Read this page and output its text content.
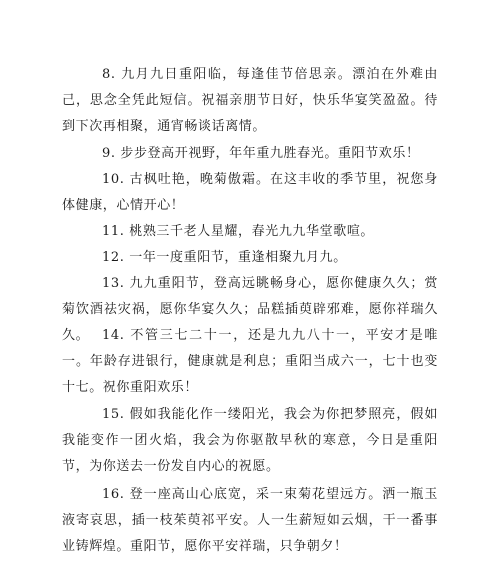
8. 九月九日重阳临，每逢佳节倍思亲。漂泊在外难由己，思念全凭此短信。祝福亲朋节日好，快乐华宴笑盈盈。待到下次再相聚，通宵畅谈话离情。

9. 步步登高开视野，年年重九胜春光。重阳节欢乐！

10. 古枫吐艳，晚菊傲霜。在这丰收的季节里，祝您身体健康，心情开心！

11. 桃熟三千老人星耀，春光九九华堂歌喧。

12. 一年一度重阳节，重逢相聚九月九。

13. 九九重阳节，登高远眺畅身心，愿你健康久久；赏菊饮酒祛灾祸，愿你华宴久久；品糕插萸辟邪难，愿你祥瑞久久。 14. 不管三七二十一，还是九九八十一，平安才是唯一。年龄存进银行，健康就是利息；重阳当成六一，七十也变十七。祝你重阳欢乐！

15. 假如我能化作一缕阳光，我会为你把梦照亮，假如我能变作一团火焰，我会为你驱散早秋的寒意，今日是重阳节，为你送去一份发自内心的祝愿。

16. 登一座高山心底宽，采一束菊花望远方。洒一瓶玉液寄哀思，插一枝茱萸祁平安。人一生薪短如云烟，干一番事业铸辉煌。重阳节，愿你平安祥瑞，只争朝夕！
